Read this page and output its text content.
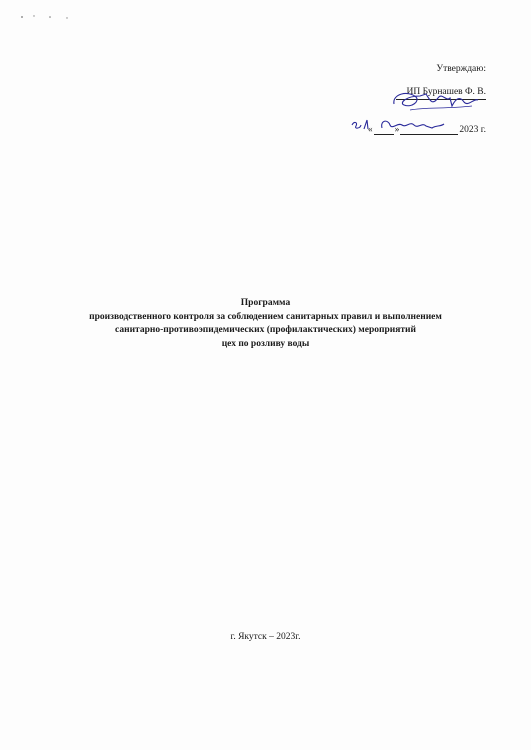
Утверждаю:
ИП Бурнашев Ф. В.
« »	2023 г.
Программа
производственного контроля за соблюдением санитарных правил и выполнением
санитарно-противоэпидемических (профилактических) мероприятий
цех по розливу воды
г. Якутск – 2023г.
